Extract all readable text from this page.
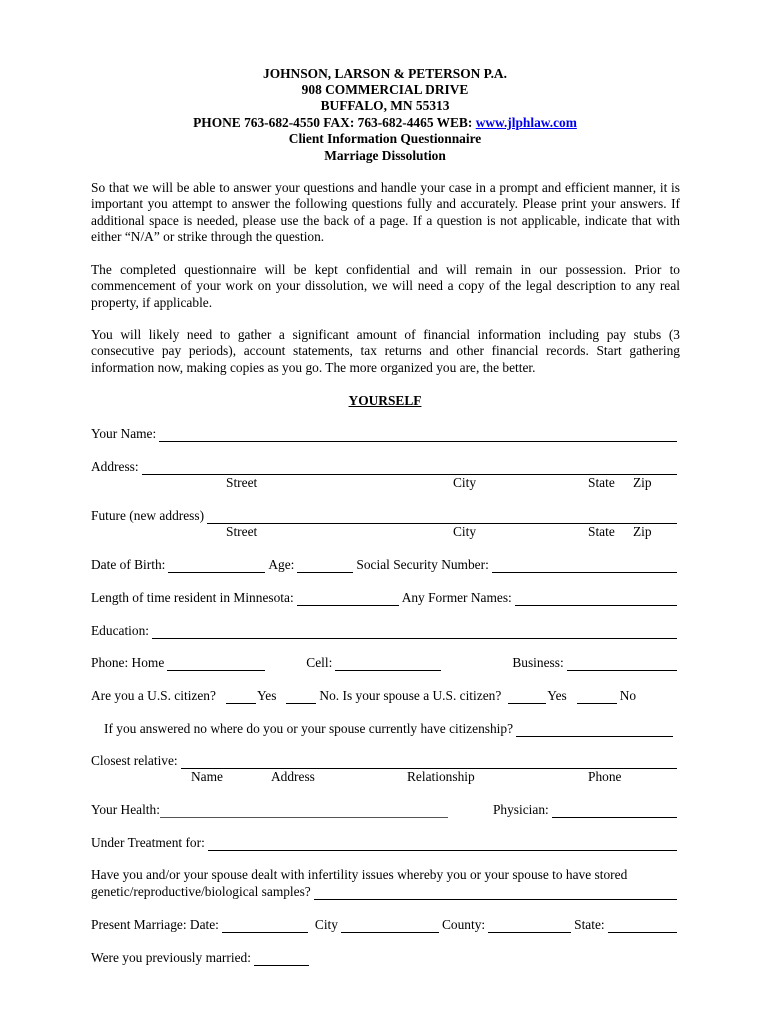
JOHNSON, LARSON & PETERSON P.A.
908 COMMERCIAL DRIVE
BUFFALO, MN 55313
PHONE 763-682-4550 FAX: 763-682-4465 WEB: www.jlphlaw.com
Client Information Questionnaire
Marriage Dissolution
So that we will be able to answer your questions and handle your case in a prompt and efficient manner, it is important you attempt to answer the following questions fully and accurately. Please print your answers. If additional space is needed, please use the back of a page. If a question is not applicable, indicate that with either “N/A” or strike through the question.
The completed questionnaire will be kept confidential and will remain in our possession. Prior to commencement of your work on your dissolution, we will need a copy of the legal description to any real property, if applicable.
You will likely need to gather a significant amount of financial information including pay stubs (3 consecutive pay periods), account statements, tax returns and other financial records. Start gathering information now, making copies as you go. The more organized you are, the better.
YOURSELF
Your Name:
Address:
Street	City	State Zip
Future (new address)
Street	City	State Zip
Date of Birth:	Age:	Social Security Number:
Length of time resident in Minnesota:	Any Former Names:
Education:
Phone: Home	Cell:	Business:
Are you a U.S. citizen?	Yes	No. Is your spouse a U.S. citizen?	Yes	No
If you answered no where do you or your spouse currently have citizenship?
Closest relative:
Name	Address	Relationship	Phone
Your Health:	Physician:
Under Treatment for:
Have you and/or your spouse dealt with infertility issues whereby you or your spouse to have stored
genetic/reproductive/biological samples?
Present Marriage: Date:	City	County:	State:
Were you previously married:
